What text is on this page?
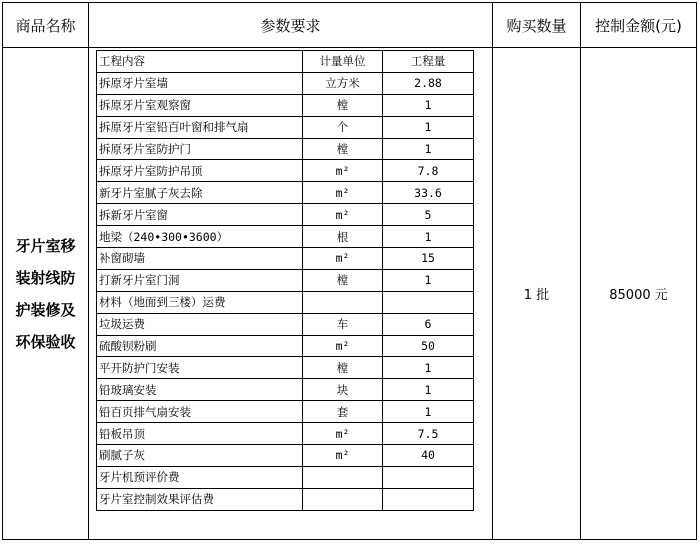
商品名称	参数要求	购买数量	控制金额(元)

牙片室移
装射线防
护装修及
环保验收

工程内容	计量单位	工程量
拆原牙片室墙	立方米	2.88
拆原牙片室观察窗	樘	1
拆原牙片室铅百叶窗和排气扇	个	1
拆原牙片室防护门	樘	1
拆原牙片室防护吊顶	m²	7.8
新牙片室腻子灰去除	m²	33.6
拆新牙片室窗	m²	5
地梁（240•300•3600）	根	1
补窗砌墙	m²	15
打新牙片室门洞	樘	1
材料（地面到三楼）运费		
垃圾运费	车	6
硫酸钡粉刷	m²	50
平开防护门安装	樘	1
铅玻璃安装	块	1
铅百页排气扇安装	套	1
铅板吊顶	m²	7.5
刷腻子灰	m²	40
牙片机预评价费		
牙片室控制效果评估费		
	1 批	85000 元
